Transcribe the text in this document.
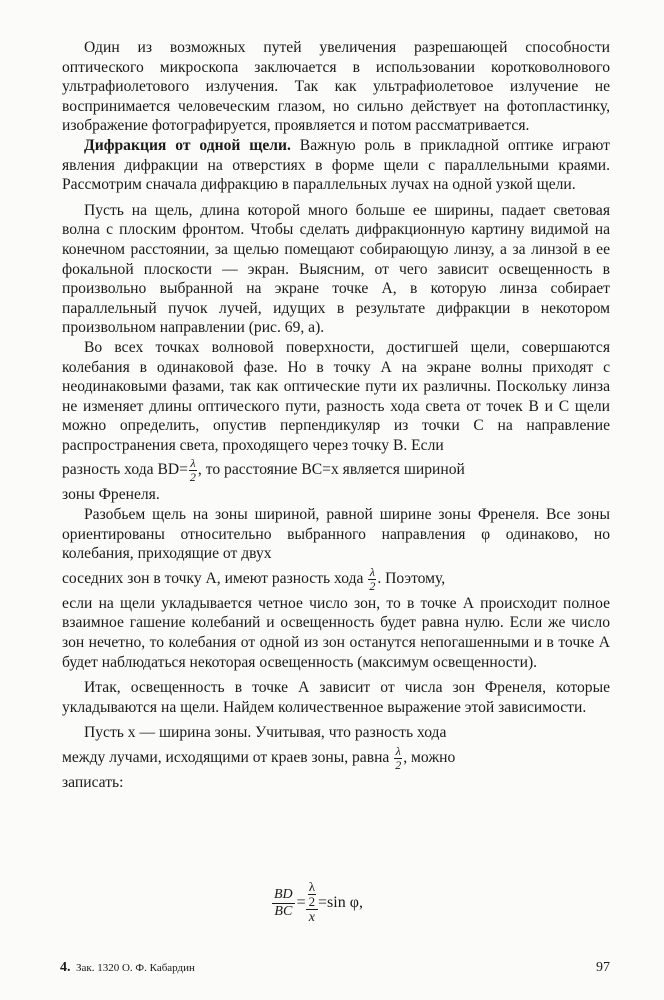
Один из возможных путей увеличения разрешающей способности оптического микроскопа заключается в использовании коротковолнового ультрафиолетового излучения. Так как ультрафиолетовое излучение не воспринимается человеческим глазом, но сильно действует на фотопластинку, изображение фотографируется, проявляется и потом рассматривается.

Дифракция от одной щели. Важную роль в прикладной оптике играют явления дифракции на отверстиях в форме щели с параллельными краями. Рассмотрим сначала дифракцию в параллельных лучах на одной узкой щели.

Пусть на щель, длина которой много больше ее ширины, падает световая волна с плоским фронтом. Чтобы сделать дифракционную картину видимой на конечном расстоянии, за щелью помещают собирающую линзу, а за линзой в ее фокальной плоскости — экран. Выясним, от чего зависит освещенность в произвольно выбранной на экране точке А, в которую линза собирает параллельный пучок лучей, идущих в результате дифракции в некотором произвольном направлении (рис. 69, а).

Во всех точках волновой поверхности, достигшей щели, совершаются колебания в одинаковой фазе. Но в точку А на экране волны приходят с неодинаковыми фазами, так как оптические пути их различны. Поскольку линза не изменяет длины оптического пути, разность хода света от точек В и С щели можно определить, опустив перпендикуляр из точки С на направление распространения света, проходящего через точку В. Если

разность хода $BD= \frac{\lambda}{2}$ , то расстояние BC=x является шириной

зоны Френеля.

Разобьем щель на зоны шириной, равной ширине зоны Френеля. Все зоны ориентированы относительно выбранного направления φ одинаково, но колебания, приходящие от двух

соседних зон в точку А, имеют разность хода $\frac{\lambda}{2}$ . Поэтому,

если на щели укладывается четное число зон, то в точке А происходит полное взаимное гашение колебаний и освещенность будет равна нулю. Если же число зон нечетно, то колебания от одной из зон останутся непогашенными и в точке А будет наблюдаться некоторая освещенность (максимум освещенности).

Итак, освещенность в точке А зависит от числа зон Френеля, которые укладываются на щели. Найдем количественное выражение этой зависимости.

Пусть x — ширина зоны. Учитывая, что разность хода

между лучами, исходящими от краев зоны, равна $\frac{\lambda}{2}$ , можно

записать:

$\frac{BD}{BC} = \frac{\frac{\lambda}{2}}{x} =\sin$ φ,
4. Зак. 1320 О. Ф. Кабардин	97
